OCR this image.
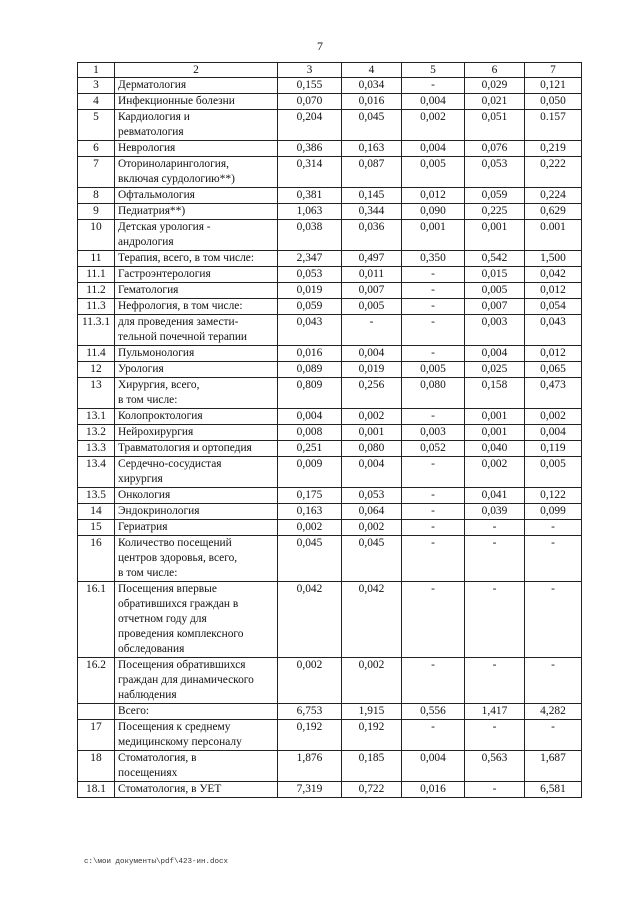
7
1	2	3	4	5	6	7
3	Дерматология	0,155	0,034	-	0,029	0,121
4	Инфекционные болезни	0,070	0,016	0,004	0,021	0,050
5	Кардиология и
ревматология	0,204	0,045	0,002	0,051	0.157
6	Неврология	0,386	0,163	0,004	0,076	0,219
7	Оториноларингология,
включая сурдологию**)	0,314	0,087	0,005	0,053	0,222
8	Офтальмология	0,381	0,145	0,012	0,059	0,224
9	Педиатрия**)	1,063	0,344	0,090	0,225	0,629
10	Детская урология -
андрология	0,038	0,036	0,001	0,001	0.001
11	Терапия, всего, в том числе:	2,347	0,497	0,350	0,542	1,500
11.1	Гастроэнтерология	0,053	0,011	-	0,015	0,042
11.2	Гематология	0,019	0,007	-	0,005	0,012
11.3	Нефрология, в том числе:	0,059	0,005	-	0,007	0,054
11.3.1	для проведения замести-
тельной почечной терапии	0,043	-	-	0,003	0,043
11.4	Пульмонология	0,016	0,004	-	0,004	0,012
12	Урология	0,089	0,019	0,005	0,025	0,065
13	Хирургия, всего,
в том числе:	0,809	0,256	0,080	0,158	0,473
13.1	Колопроктология	0,004	0,002	-	0,001	0,002
13.2	Нейрохирургия	0,008	0,001	0,003	0,001	0,004
13.3	Травматология и ортопедия	0,251	0,080	0,052	0,040	0,119
13.4	Сердечно-сосудистая
хирургия	0,009	0,004	-	0,002	0,005
13.5	Онкология	0,175	0,053	-	0,041	0,122
14	Эндокринология	0,163	0,064	-	0,039	0,099
15	Гериатрия	0,002	0,002	-	-	-
16	Количество посещений
центров здоровья, всего,
в том числе:	0,045	0,045	-	-	-
16.1	Посещения впервые
обратившихся граждан в
отчетном году для
проведения комплексного
обследования	0,042	0,042	-	-	-
16.2	Посещения обратившихся
граждан для динамического
наблюдения	0,002	0,002	-	-	-
	Всего:	6,753	1,915	0,556	1,417	4,282
17	Посещения к среднему
медицинскому персоналу	0,192	0,192	-	-	-
18	Стоматология, в
посещениях	1,876	0,185	0,004	0,563	1,687
18.1	Стоматология, в УЕТ	7,319	0,722	0,016	-	6,581
c:\мои документы\pdf\423-ин.docx
